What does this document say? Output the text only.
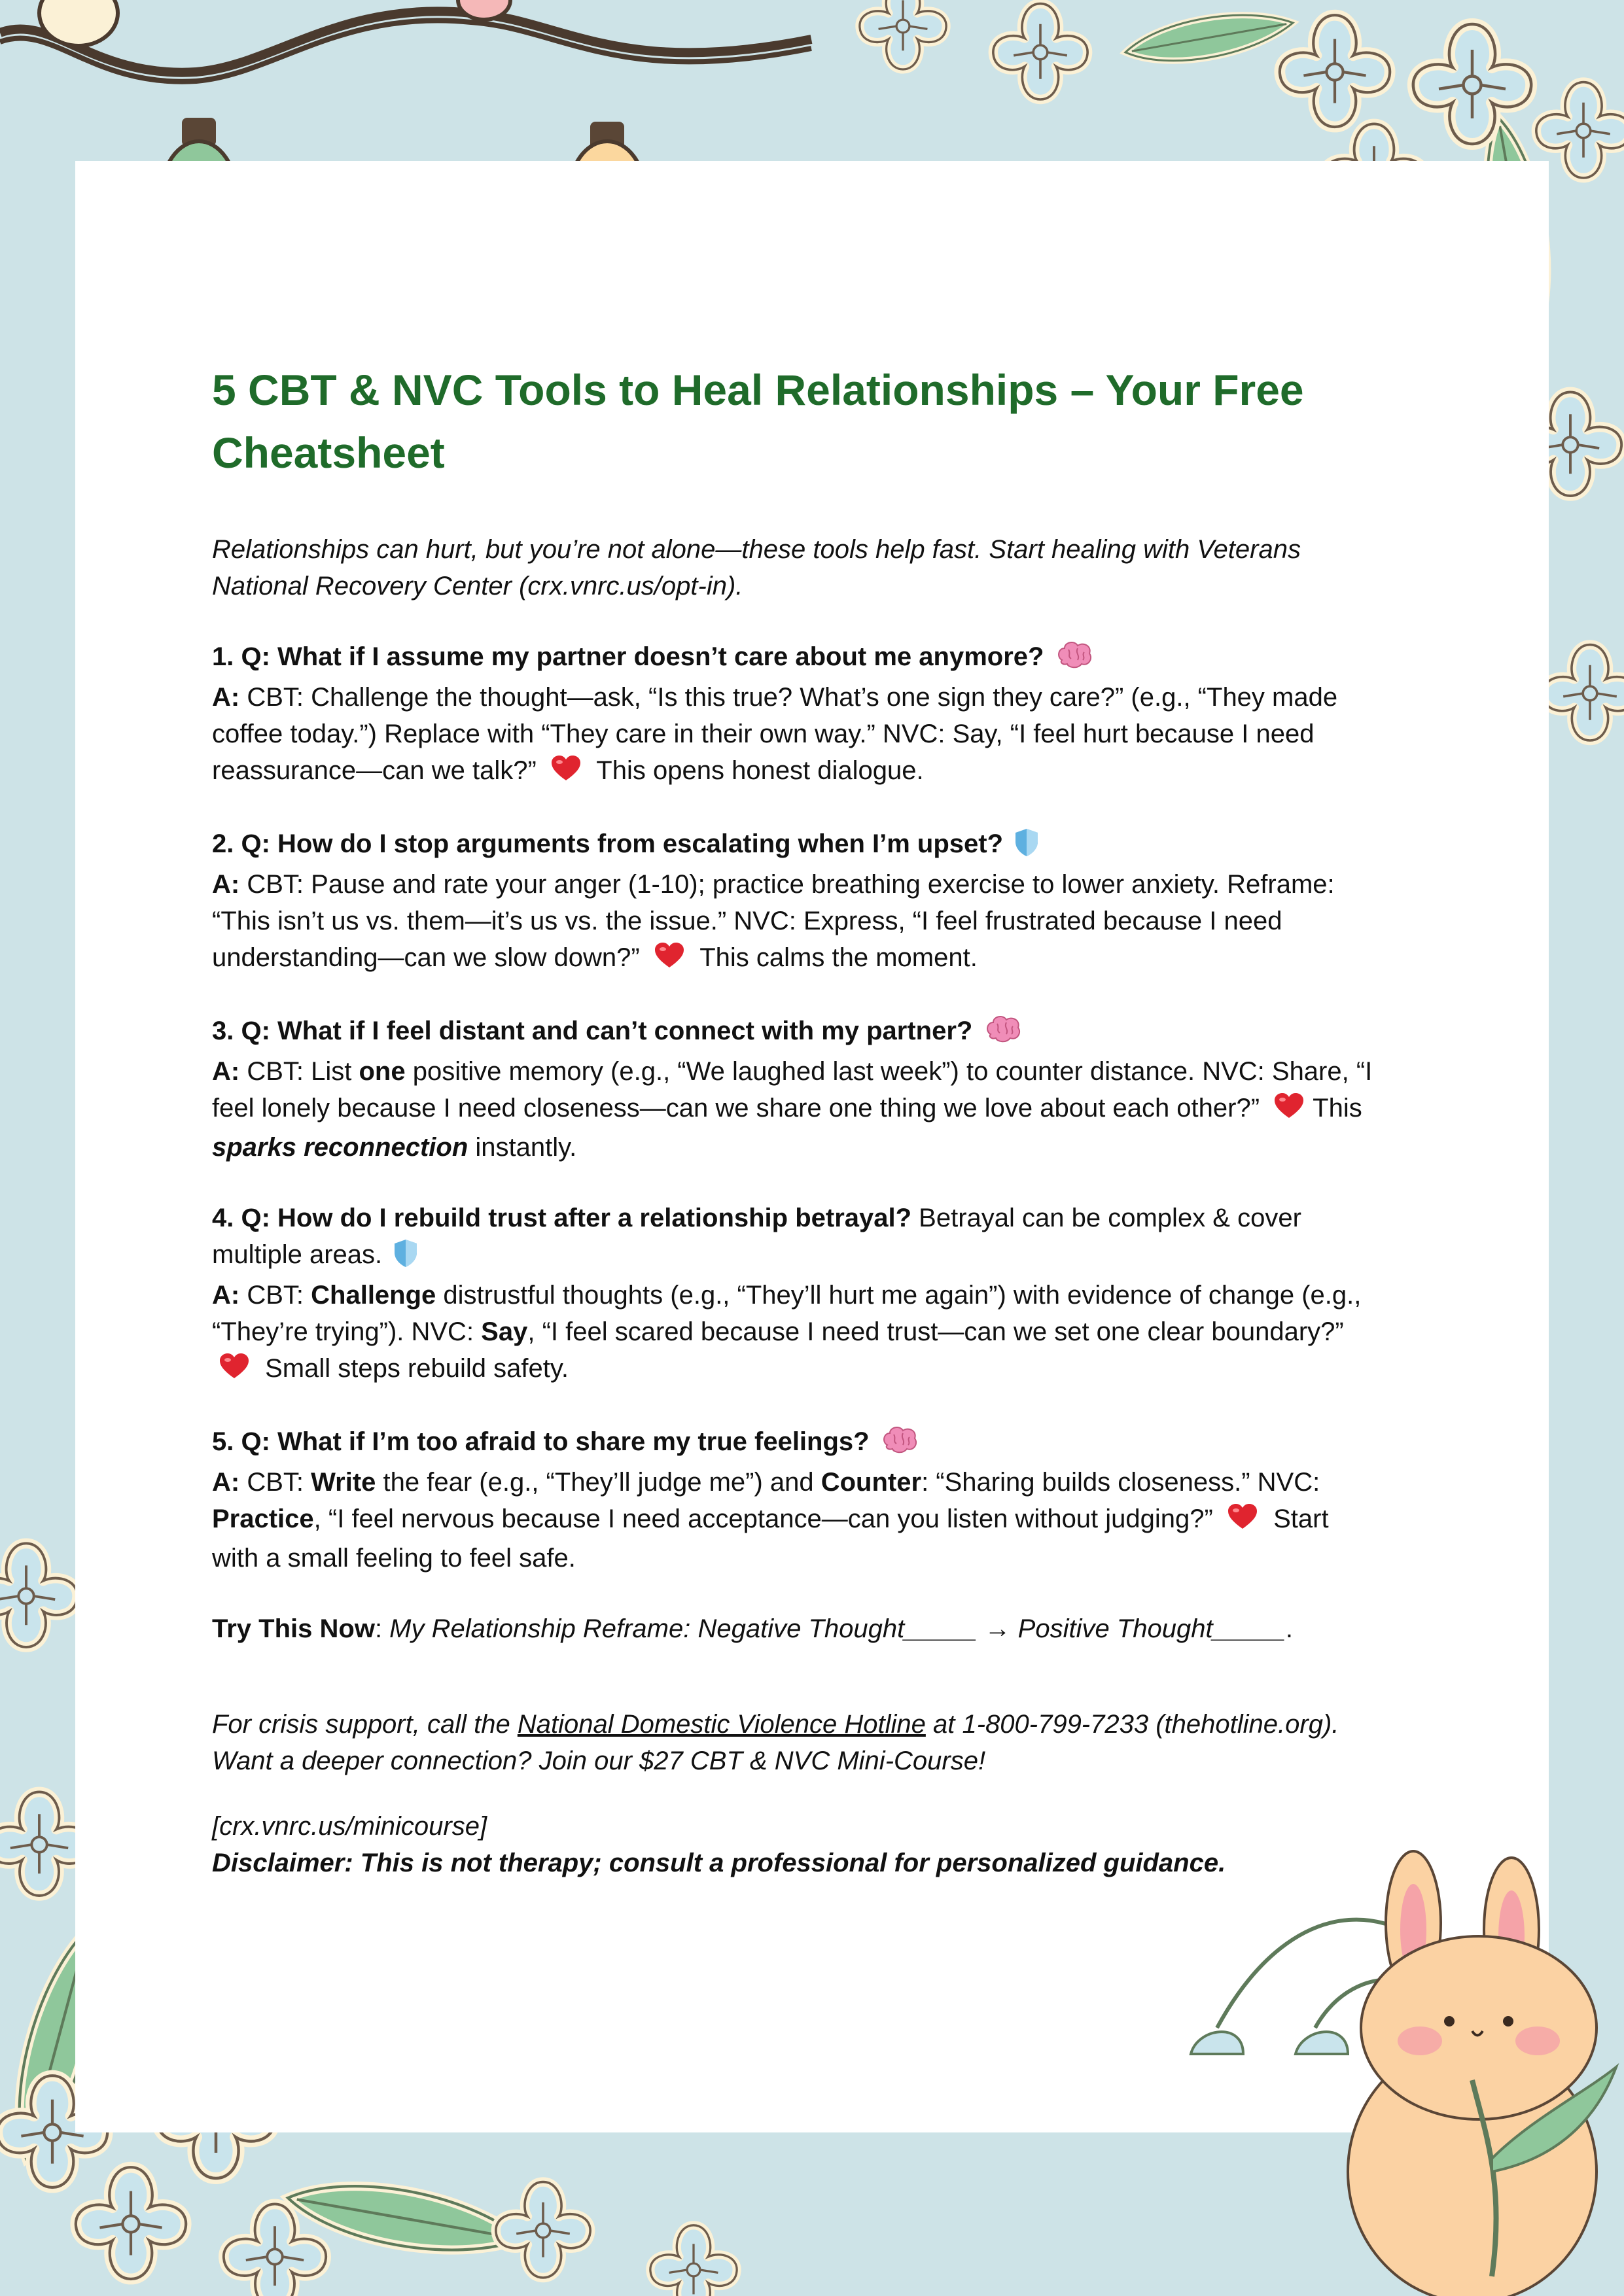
5 CBT & NVC Tools to Heal Relationships – Your Free Cheatsheet

Relationships can hurt, but you’re not alone—these tools help fast. Start healing with Veterans National Recovery Center (crx.vnrc.us/opt-in).

1. Q: What if I assume my partner doesn’t care about me anymore?
A: CBT: Challenge the thought—ask, “Is this true? What’s one sign they care?” (e.g., “They made coffee today.”) Replace with “They care in their own way.” NVC: Say, “I feel hurt because I need reassurance—can we talk?” This opens honest dialogue.
2. Q: How do I stop arguments from escalating when I’m upset?
A: CBT: Pause and rate your anger (1-10); practice breathing exercise to lower anxiety. Reframe: “This isn’t us vs. them—it’s us vs. the issue.” NVC: Express, “I feel frustrated because I need understanding—can we slow down?” This calms the moment.
3. Q: What if I feel distant and can’t connect with my partner?
A: CBT: List one positive memory (e.g., “We laughed last week”) to counter distance. NVC: Share, “I feel lonely because I need closeness—can we share one thing we love about each other?” This sparks reconnection instantly.
4. Q: How do I rebuild trust after a relationship betrayal? Betrayal can be complex & cover multiple areas.
A: CBT: Challenge distrustful thoughts (e.g., “They’ll hurt me again”) with evidence of change (e.g., “They’re trying”). NVC: Say, “I feel scared because I need trust—can we set one clear boundary?”  Small steps rebuild safety.
5. Q: What if I’m too afraid to share my true feelings?
A: CBT: Write the fear (e.g., “They’ll judge me”) and Counter: “Sharing builds closeness.” NVC: Practice, “I feel nervous because I need acceptance—can you listen without judging?” Start with a small feeling to feel safe.
Try This Now: My Relationship Reframe: Negative Thought_____ → Positive Thought_____.

For crisis support, call the National Domestic Violence Hotline at 1-800-799-7233 (thehotline.org).

Want a deeper connection? Join our $27 CBT & NVC Mini-Course!

[crx.vnrc.us/minicourse]

Disclaimer: This is not therapy; consult a professional for personalized guidance.
